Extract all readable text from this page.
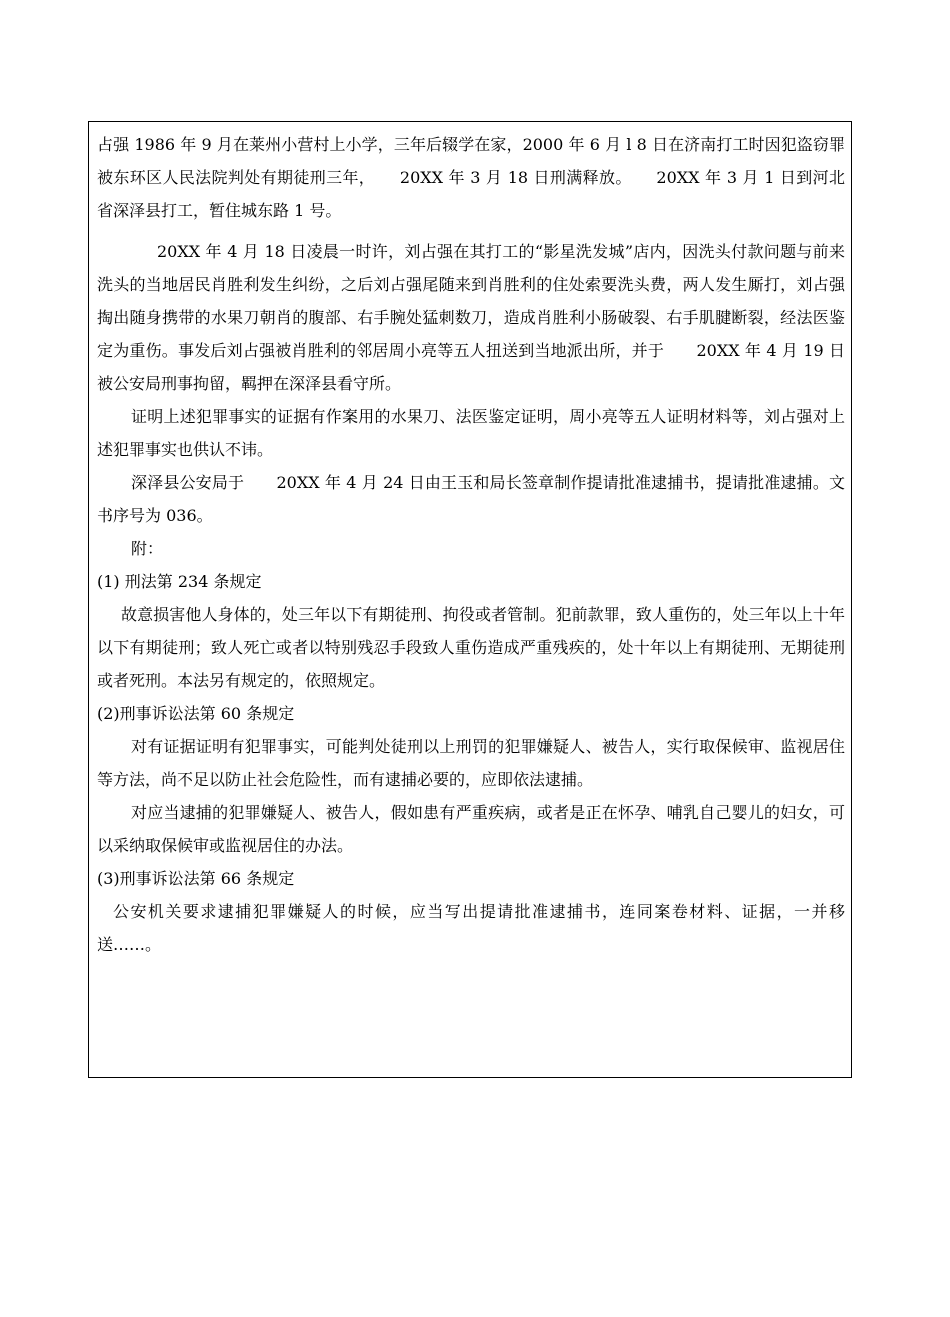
占强 1986 年 9 月在莱州小营村上小学，三年后辍学在家，2000 年 6 月 l 8 日在济南打工时因犯盗窃罪被东环区人民法院判处有期徒刑三年，　　20XX 年 3 月 18 日刑满释放。　　20XX 年 3 月 1 日到河北省深泽县打工，暂住城东路 1 号。

20XX 年 4 月 18 日凌晨一时许，刘占强在其打工的“影星洗发城”店内，因洗头付款问题与前来洗头的当地居民肖胜利发生纠纷，之后刘占强尾随来到肖胜利的住处索要洗头费，两人发生厮打，刘占强掏出随身携带的水果刀朝肖的腹部、右手腕处猛刺数刀，造成肖胜利小肠破裂、右手肌腱断裂，经法医鉴定为重伤。事发后刘占强被肖胜利的邻居周小亮等五人扭送到当地派出所，并于　　20XX 年 4 月 19 日被公安局刑事拘留，羁押在深泽县看守所。

证明上述犯罪事实的证据有作案用的水果刀、法医鉴定证明，周小亮等五人证明材料等，刘占强对上述犯罪事实也供认不讳。

深泽县公安局于　　20XX 年 4 月 24 日由王玉和局长签章制作提请批准逮捕书，提请批准逮捕。文书序号为 036。

附：

(1) 刑法第 234 条规定

故意损害他人身体的，处三年以下有期徒刑、拘役或者管制。犯前款罪，致人重伤的，处三年以上十年以下有期徒刑；致人死亡或者以特别残忍手段致人重伤造成严重残疾的，处十年以上有期徒刑、无期徒刑或者死刑。本法另有规定的，依照规定。

(2)刑事诉讼法第 60 条规定

对有证据证明有犯罪事实，可能判处徒刑以上刑罚的犯罪嫌疑人、被告人，实行取保候审、监视居住等方法，尚不足以防止社会危险性，而有逮捕必要的，应即依法逮捕。

对应当逮捕的犯罪嫌疑人、被告人，假如患有严重疾病，或者是正在怀孕、哺乳自己婴儿的妇女，可以采纳取保候审或监视居住的办法。

(3)刑事诉讼法第 66 条规定

公安机关要求逮捕犯罪嫌疑人的时候，应当写出提请批准逮捕书，连同案卷材料、证据，一并移送……。
